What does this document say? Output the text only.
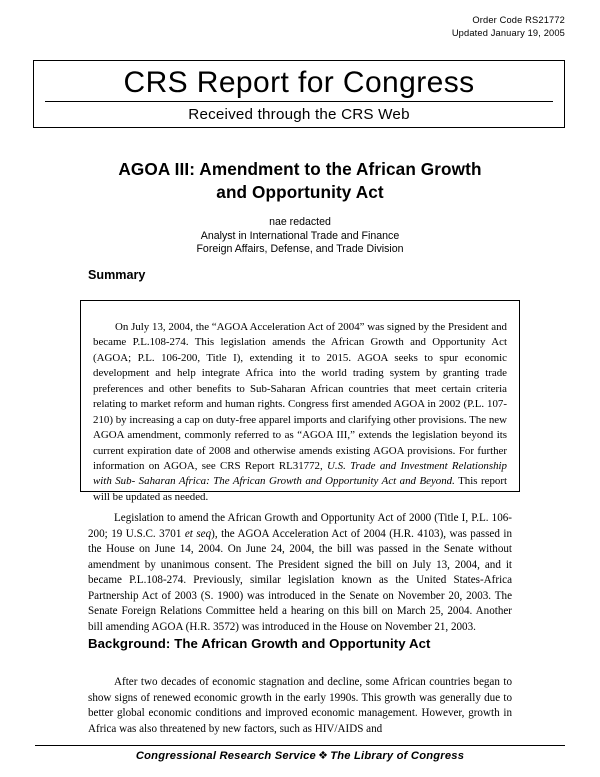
Order Code RS21772
Updated January 19, 2005
CRS Report for Congress
Received through the CRS Web
AGOA III: Amendment to the African Growth
and Opportunity Act
nae redacted
Analyst in International Trade and Finance
Foreign Affairs, Defense, and Trade Division
Summary

On July 13, 2004, the “AGOA Acceleration Act of 2004” was signed by the President and became P.L.108-274. This legislation amends the African Growth and Opportunity Act (AGOA; P.L. 106-200, Title I), extending it to 2015. AGOA seeks to spur economic development and help integrate Africa into the world trading system by granting trade preferences and other benefits to Sub-Saharan African countries that meet certain criteria relating to market reform and human rights. Congress first amended AGOA in 2002 (P.L. 107-210) by increasing a cap on duty-free apparel imports and clarifying other provisions. The new AGOA amendment, commonly referred to as “AGOA III,” extends the legislation beyond its current expiration date of 2008 and otherwise amends existing AGOA provisions. For further information on AGOA, see CRS Report RL31772, U.S. Trade and Investment Relationship with Sub- Saharan Africa: The African Growth and Opportunity Act and Beyond. This report will be updated as needed.

Legislation to amend the African Growth and Opportunity Act of 2000 (Title I, P.L. 106-200; 19 U.S.C. 3701 et seq), the AGOA Acceleration Act of 2004 (H.R. 4103), was passed in the House on June 14, 2004. On June 24, 2004, the bill was passed in the Senate without amendment by unanimous consent. The President signed the bill on July 13, 2004, and it became P.L.108-274. Previously, similar legislation known as the United States-Africa Partnership Act of 2003 (S. 1900) was introduced in the Senate on November 20, 2003. The Senate Foreign Relations Committee held a hearing on this bill on March 25, 2004. Another bill amending AGOA (H.R. 3572) was introduced in the House on November 21, 2003.

Background: The African Growth and Opportunity Act

After two decades of economic stagnation and decline, some African countries began to show signs of renewed economic growth in the early 1990s. This growth was generally due to better global economic conditions and improved economic management. However, growth in Africa was also threatened by new factors, such as HIV/AIDS and

Congressional Research Service ❖ The Library of Congress
